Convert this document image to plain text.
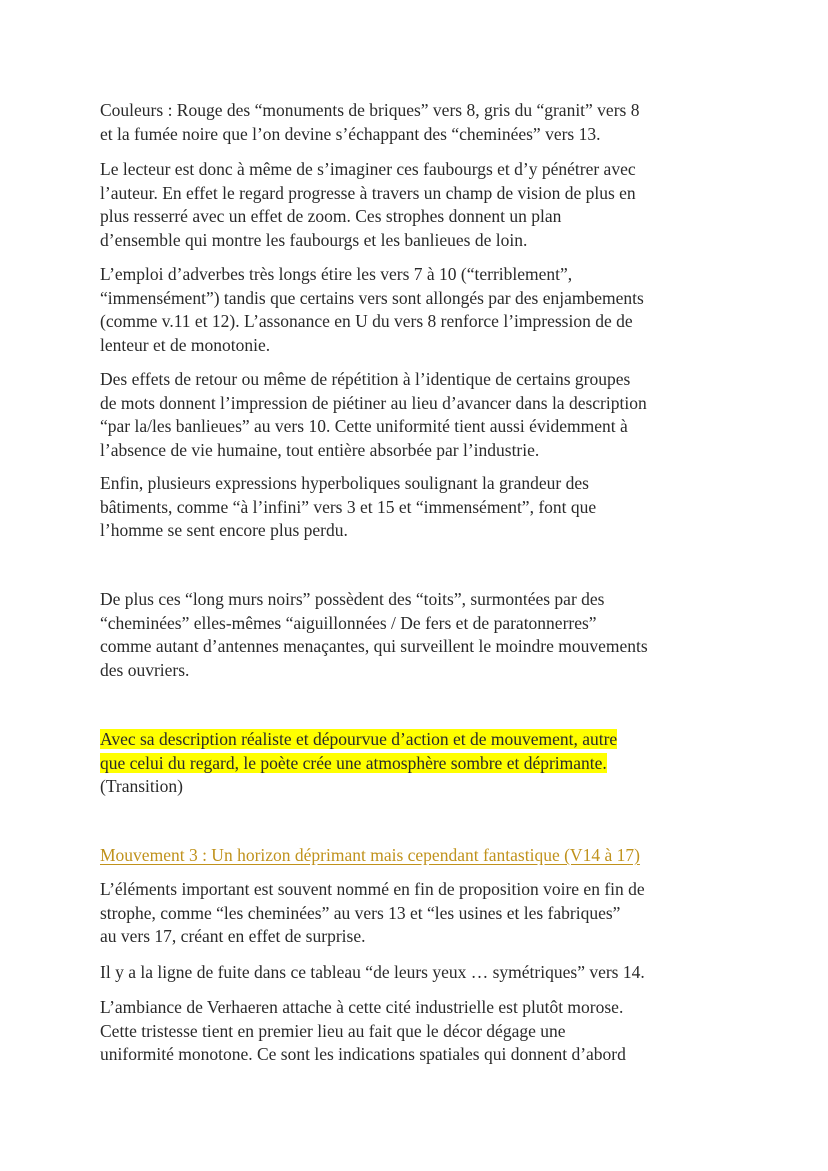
Couleurs : Rouge des “monuments de briques” vers 8, gris du “granit” vers 8
et la fumée noire que l’on devine s’échappant des “cheminées” vers 13.
Le lecteur est donc à même de s’imaginer ces faubourgs et d’y pénétrer avec
l’auteur. En effet le regard progresse à travers un champ de vision de plus en
plus resserré avec un effet de zoom. Ces strophes donnent un plan
d’ensemble qui montre les faubourgs et les banlieues de loin.
L’emploi d’adverbes très longs étire les vers 7 à 10 (“terriblement”,
“immensément”) tandis que certains vers sont allongés par des enjambements
(comme v.11 et 12). L’assonance en U du vers 8 renforce l’impression de de
lenteur et de monotonie.
Des effets de retour ou même de répétition à l’identique de certains groupes
de mots donnent l’impression de piétiner au lieu d’avancer dans la description
“par la/les banlieues” au vers 10. Cette uniformité tient aussi évidemment à
l’absence de vie humaine, tout entière absorbée par l’industrie.
Enfin, plusieurs expressions hyperboliques soulignant la grandeur des
bâtiments, comme “à l’infini” vers 3 et 15 et “immensément”, font que
l’homme se sent encore plus perdu.
De plus ces “long murs noirs” possèdent des “toits”, surmontées par des
“cheminées” elles-mêmes “aiguillonnées / De fers et de paratonnerres”
comme autant d’antennes menaçantes, qui surveillent le moindre mouvements
des ouvriers.
Avec sa description réaliste et dépourvue d’action et de mouvement, autre
que celui du regard, le poète crée une atmosphère sombre et déprimante.
(Transition)
Mouvement 3 : Un horizon déprimant mais cependant fantastique (V14 à 17)
L’éléments important est souvent nommé en fin de proposition voire en fin de
strophe, comme “les cheminées” au vers 13 et “les usines et les fabriques”
au vers 17, créant en effet de surprise.
Il y a la ligne de fuite dans ce tableau “de leurs yeux … symétriques” vers 14.
L’ambiance de Verhaeren attache à cette cité industrielle est plutôt morose.
Cette tristesse tient en premier lieu au fait que le décor dégage une
uniformité monotone. Ce sont les indications spatiales qui donnent d’abord
